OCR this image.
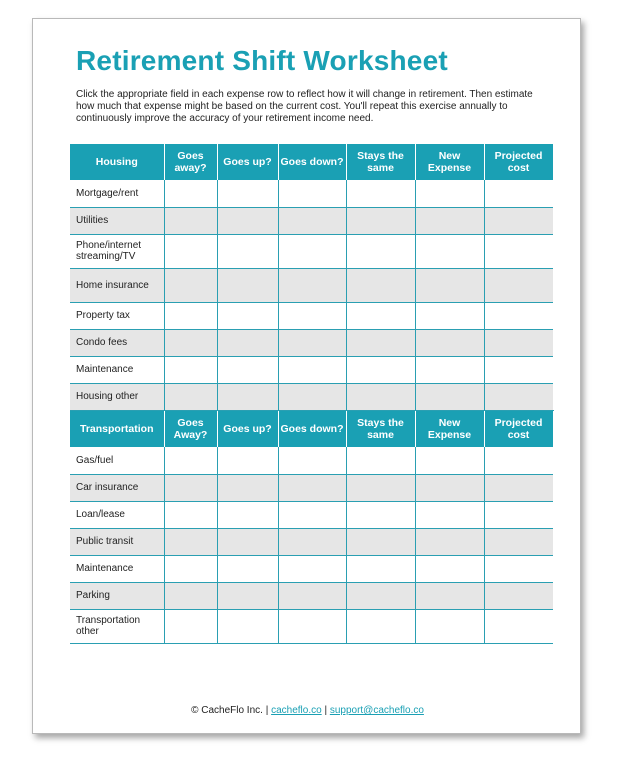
Retirement Shift Worksheet

Click the appropriate field in each expense row to reflect how it will change in retirement. Then estimate how much that expense might be based on the current cost. You'll repeat this exercise annually to continuously improve the accuracy of your retirement income need.

Housing	Goes away?	Goes up?	Goes down?	Stays the same	New Expense	Projected cost
Mortgage/rent						
Utilities						
Phone/internet streaming/TV						
Home insurance						
Property tax						
Condo fees						
Maintenance						
Housing other						
Transportation	Goes Away?	Goes up?	Goes down?	Stays the same	New Expense	Projected cost
Gas/fuel						
Car insurance						
Loan/lease						
Public transit						
Maintenance						
Parking						
Transportation other						
© CacheFlo Inc. | cacheflo.co | support@cacheflo.co
